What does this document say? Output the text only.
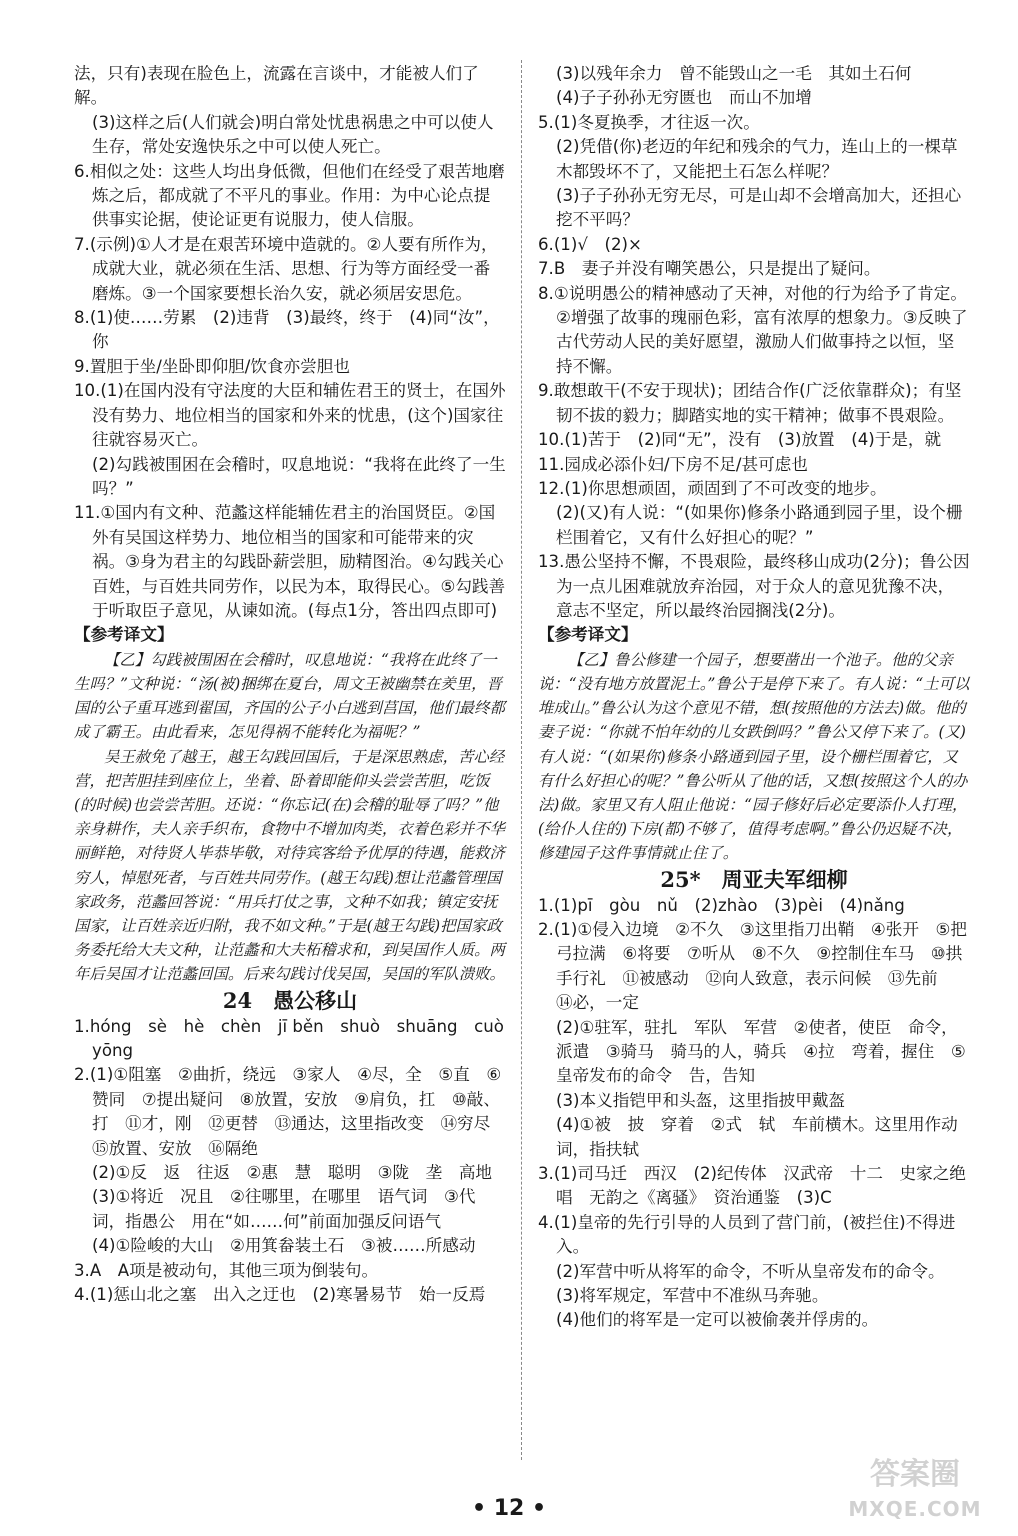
法，只有)表现在脸色上，流露在言谈中，才能被人们了解。

(3)这样之后(人们就会)明白常处忧患祸患之中可以使人生存，常处安逸快乐之中可以使人死亡。

6.相似之处：这些人均出身低微，但他们在经受了艰苦地磨炼之后，都成就了不平凡的事业。作用：为中心论点提供事实论据，使论证更有说服力，使人信服。

7.(示例)①人才是在艰苦环境中造就的。②人要有所作为，成就大业，就必须在生活、思想、行为等方面经受一番磨炼。③一个国家要想长治久安，就必须居安思危。

8.(1)使……劳累　(2)违背　(3)最终，终于　(4)同“汝”，你

9.置胆于坐/坐卧即仰胆/饮食亦尝胆也

10.(1)在国内没有守法度的大臣和辅佐君王的贤士，在国外没有势力、地位相当的国家和外来的忧患，(这个)国家往往就容易灭亡。

(2)勾践被围困在会稽时，叹息地说：“我将在此终了一生吗？”

11.①国内有文种、范蠡这样能辅佐君主的治国贤臣。②国外有吴国这样势力、地位相当的国家和可能带来的灾祸。③身为君主的勾践卧薪尝胆，励精图治。④勾践关心百姓，与百姓共同劳作，以民为本，取得民心。⑤勾践善于听取臣子意见，从谏如流。(每点1分，答出四点即可)

【参考译文】

【乙】勾践被围困在会稽时，叹息地说：“我将在此终了一生吗？”文种说：“汤(被)捆绑在夏台，周文王被幽禁在羑里，晋国的公子重耳逃到翟国，齐国的公子小白逃到莒国，他们最终都成了霸王。由此看来，怎见得祸不能转化为福呢？”

吴王赦免了越王，越王勾践回国后，于是深思熟虑，苦心经营，把苦胆挂到座位上，坐着、卧着即能仰头尝尝苦胆，吃饭(的时候)也尝尝苦胆。还说：“你忘记(在)会稽的耻辱了吗？”他亲身耕作，夫人亲手织布，食物中不增加肉类，衣着色彩并不华丽鲜艳，对待贤人毕恭毕敬，对待宾客给予优厚的待遇，能救济穷人，悼慰死者，与百姓共同劳作。(越王勾践)想让范蠡管理国家政务，范蠡回答说：“用兵打仗之事，文种不如我；镇定安抚国家，让百姓亲近归附，我不如文种。”于是(越王勾践)把国家政务委托给大夫文种，让范蠡和大夫柘稽求和，到吴国作人质。两年后吴国才让范蠡回国。后来勾践讨伐吴国，吴国的军队溃败。

24　愚公移山

1.hóng　sè　hè　chèn　jī běn　shuò　shuāng　cuò　yōng

2.(1)①阻塞　②曲折，绕远　③家人　④尽，全　⑤直　⑥赞同　⑦提出疑问　⑧放置，安放　⑨肩负，扛　⑩敲、打　⑪才，刚　⑫更替　⑬通达，这里指改变　⑭穷尽　⑮放置、安放　⑯隔绝

(2)①反　返　往返　②惠　慧　聪明　③陇　垄　高地

(3)①将近　况且　②往哪里，在哪里　语气词　③代词，指愚公　用在“如……何”前面加强反问语气

(4)①险峻的大山　②用箕畚装土石　③被……所感动

3.A　A项是被动句，其他三项为倒装句。

4.(1)惩山北之塞　出入之迂也　(2)寒暑易节　始一反焉

(3)以残年余力　曾不能毁山之一毛　其如土石何

(4)子子孙孙无穷匮也　而山不加增

5.(1)冬夏换季，才往返一次。

(2)凭借(你)老迈的年纪和残余的气力，连山上的一棵草木都毁坏不了，又能把土石怎么样呢？

(3)子子孙孙无穷无尽，可是山却不会增高加大，还担心挖不平吗？

6.(1)√　(2)×

7.B　妻子并没有嘲笑愚公，只是提出了疑问。

8.①说明愚公的精神感动了天神，对他的行为给予了肯定。②增强了故事的瑰丽色彩，富有浓厚的想象力。③反映了古代劳动人民的美好愿望，激励人们做事持之以恒，坚持不懈。

9.敢想敢干(不安于现状)；团结合作(广泛依靠群众)；有坚韧不拔的毅力；脚踏实地的实干精神；做事不畏艰险。

10.(1)苦于　(2)同“无”，没有　(3)放置　(4)于是，就

11.园成必添仆妇/下房不足/甚可虑也

12.(1)你思想顽固，顽固到了不可改变的地步。

(2)(又)有人说：“(如果你)修条小路通到园子里，设个栅栏围着它，又有什么好担心的呢？”

13.愚公坚持不懈，不畏艰险，最终移山成功(2分)；鲁公因为一点儿困难就放弃治园，对于众人的意见犹豫不决，意志不坚定，所以最终治园搁浅(2分)。

【参考译文】

【乙】鲁公修建一个园子，想要凿出一个池子。他的父亲说：“没有地方放置泥土。”鲁公于是停下来了。有人说：“土可以堆成山。”鲁公认为这个意见不错，想(按照他的方法去)做。他的妻子说：“你就不怕年幼的儿女跌倒吗？”鲁公又停下来了。(又)有人说：“(如果你)修条小路通到园子里，设个栅栏围着它，又有什么好担心的呢？”鲁公听从了他的话，又想(按照这个人的办法)做。家里又有人阻止他说：“园子修好后必定要添仆人打理，(给仆人住的)下房(都)不够了，值得考虑啊。”鲁公仍迟疑不决，修建园子这件事情就止住了。

25*　周亚夫军细柳

1.(1)pī　gòu　nǔ　(2)zhào　(3)pèi　(4)nǎng

2.(1)①侵入边境　②不久　③这里指刀出鞘　④张开　⑤把弓拉满　⑥将要　⑦听从　⑧不久　⑨控制住车马　⑩拱手行礼　⑪被感动　⑫向人致意，表示问候　⑬先前　⑭必，一定

(2)①驻军，驻扎　军队　军营　②使者，使臣　命令，派遣　③骑马　骑马的人，骑兵　④拉　弯着，握住　⑤皇帝发布的命令　告，告知

(3)本义指铠甲和头盔，这里指披甲戴盔

(4)①被　披　穿着　②式　轼　车前横木。这里用作动词，指扶轼

3.(1)司马迁　西汉　(2)纪传体　汉武帝　十二　史家之绝唱　无韵之《离骚》　资治通鉴　(3)C

4.(1)皇帝的先行引导的人员到了营门前，(被拦住)不得进入。

(2)军营中听从将军的命令，不听从皇帝发布的命令。

(3)将军规定，军营中不准纵马奔驰。

(4)他们的将军是一定可以被偷袭并俘虏的。

• 12 •
答案圈
MXQE.COM
